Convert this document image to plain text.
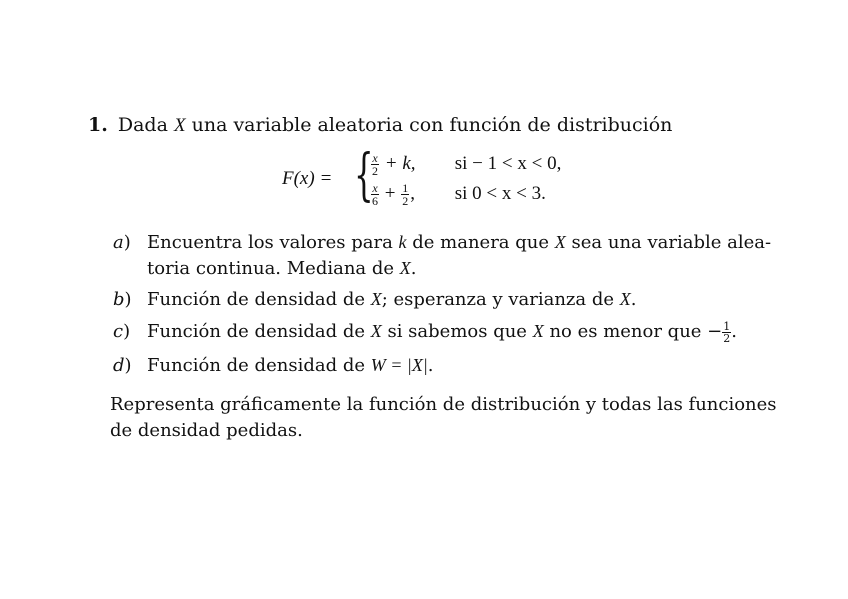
1. Dada X una variable aleatoria con función de distribución
F(x) = {
$\frac{x}{2} + k$, si − 1 < x < 0,
$\frac{x}{6} + \frac{1}{2}$ , si 0 < x < 3.
a) Encuentra los valores para k de manera que X sea una variable alea-
toria continua. Mediana de X.
b) Función de densidad de X; esperanza y varianza de X.
c) Función de densidad de X si sabemos que X no es menor que − $\frac{1}{2}$ .
d) Función de densidad de W = |X|.
Representa gráficamente la función de distribución y todas las funciones
de densidad pedidas.
